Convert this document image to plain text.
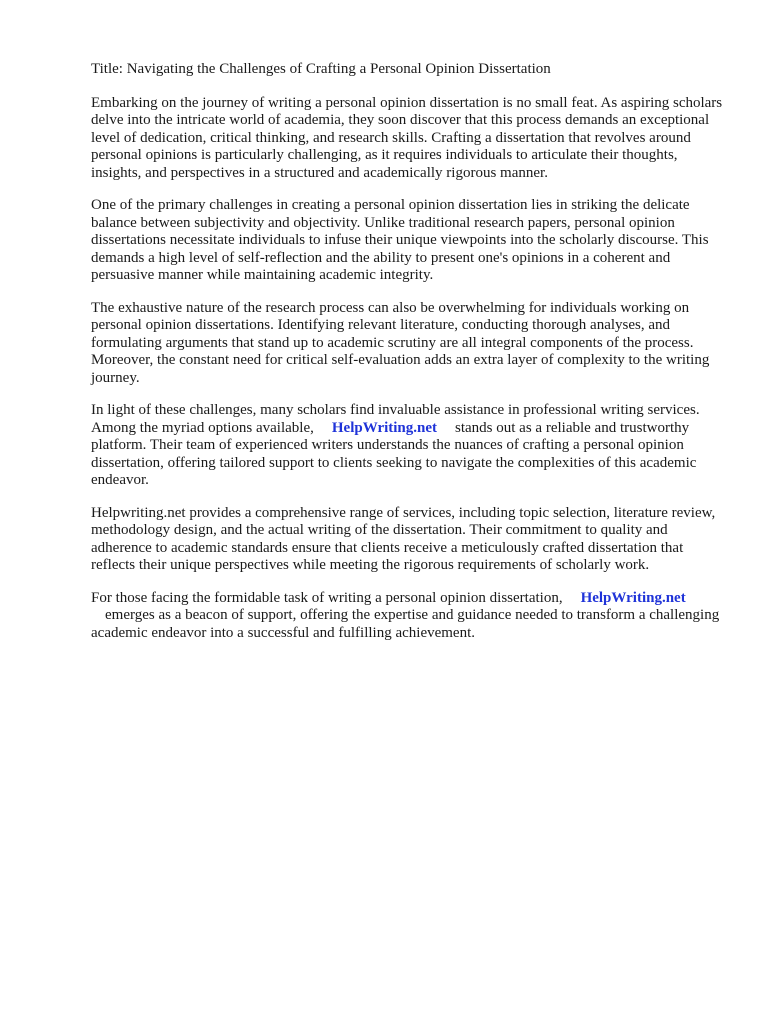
Title: Navigating the Challenges of Crafting a Personal Opinion Dissertation

Embarking on the journey of writing a personal opinion dissertation is no small feat. As aspiring scholars delve into the intricate world of academia, they soon discover that this process demands an exceptional level of dedication, critical thinking, and research skills. Crafting a dissertation that revolves around personal opinions is particularly challenging, as it requires individuals to articulate their thoughts, insights, and perspectives in a structured and academically rigorous manner.

One of the primary challenges in creating a personal opinion dissertation lies in striking the delicate balance between subjectivity and objectivity. Unlike traditional research papers, personal opinion dissertations necessitate individuals to infuse their unique viewpoints into the scholarly discourse. This demands a high level of self-reflection and the ability to present one's opinions in a coherent and persuasive manner while maintaining academic integrity.

The exhaustive nature of the research process can also be overwhelming for individuals working on personal opinion dissertations. Identifying relevant literature, conducting thorough analyses, and formulating arguments that stand up to academic scrutiny are all integral components of the process. Moreover, the constant need for critical self-evaluation adds an extra layer of complexity to the writing journey.

In light of these challenges, many scholars find invaluable assistance in professional writing services. Among the myriad options available, HelpWriting.net stands out as a reliable and trustworthy platform. Their team of experienced writers understands the nuances of crafting a personal opinion dissertation, offering tailored support to clients seeking to navigate the complexities of this academic endeavor.

Helpwriting.net provides a comprehensive range of services, including topic selection, literature review, methodology design, and the actual writing of the dissertation. Their commitment to quality and adherence to academic standards ensure that clients receive a meticulously crafted dissertation that reflects their unique perspectives while meeting the rigorous requirements of scholarly work.

For those facing the formidable task of writing a personal opinion dissertation, HelpWriting.net
emerges as a beacon of support, offering the expertise and guidance needed to transform a challenging academic endeavor into a successful and fulfilling achievement.
